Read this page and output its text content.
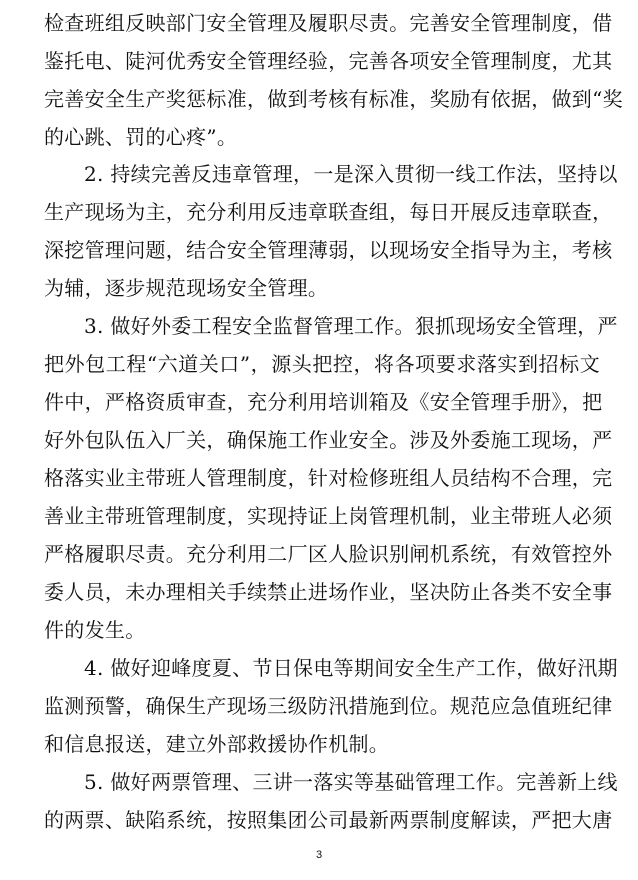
检查班组反映部门安全管理及履职尽责。完善安全管理制度，借
鉴托电、陡河优秀安全管理经验，完善各项安全管理制度，尤其
完善安全生产奖惩标准，做到考核有标准，奖励有依据，做到“奖
的心跳、罚的心疼”。
2. 持续完善反违章管理，一是深入贯彻一线工作法，坚持以
生产现场为主，充分利用反违章联查组，每日开展反违章联查，
深挖管理问题，结合安全管理薄弱，以现场安全指导为主，考核
为辅，逐步规范现场安全管理。
3. 做好外委工程安全监督管理工作。狠抓现场安全管理，严
把外包工程“六道关口”，源头把控，将各项要求落实到招标文
件中，严格资质审查，充分利用培训箱及《安全管理手册》，把
好外包队伍入厂关，确保施工作业安全。涉及外委施工现场，严
格落实业主带班人管理制度，针对检修班组人员结构不合理，完
善业主带班管理制度，实现持证上岗管理机制，业主带班人必须
严格履职尽责。充分利用二厂区人脸识别闸机系统，有效管控外
委人员，未办理相关手续禁止进场作业，坚决防止各类不安全事
件的发生。
4. 做好迎峰度夏、节日保电等期间安全生产工作，做好汛期
监测预警，确保生产现场三级防汛措施到位。规范应急值班纪律
和信息报送，建立外部救援协作机制。
5. 做好两票管理、三讲一落实等基础管理工作。完善新上线
的两票、缺陷系统，按照集团公司最新两票制度解读，严把大唐
3
